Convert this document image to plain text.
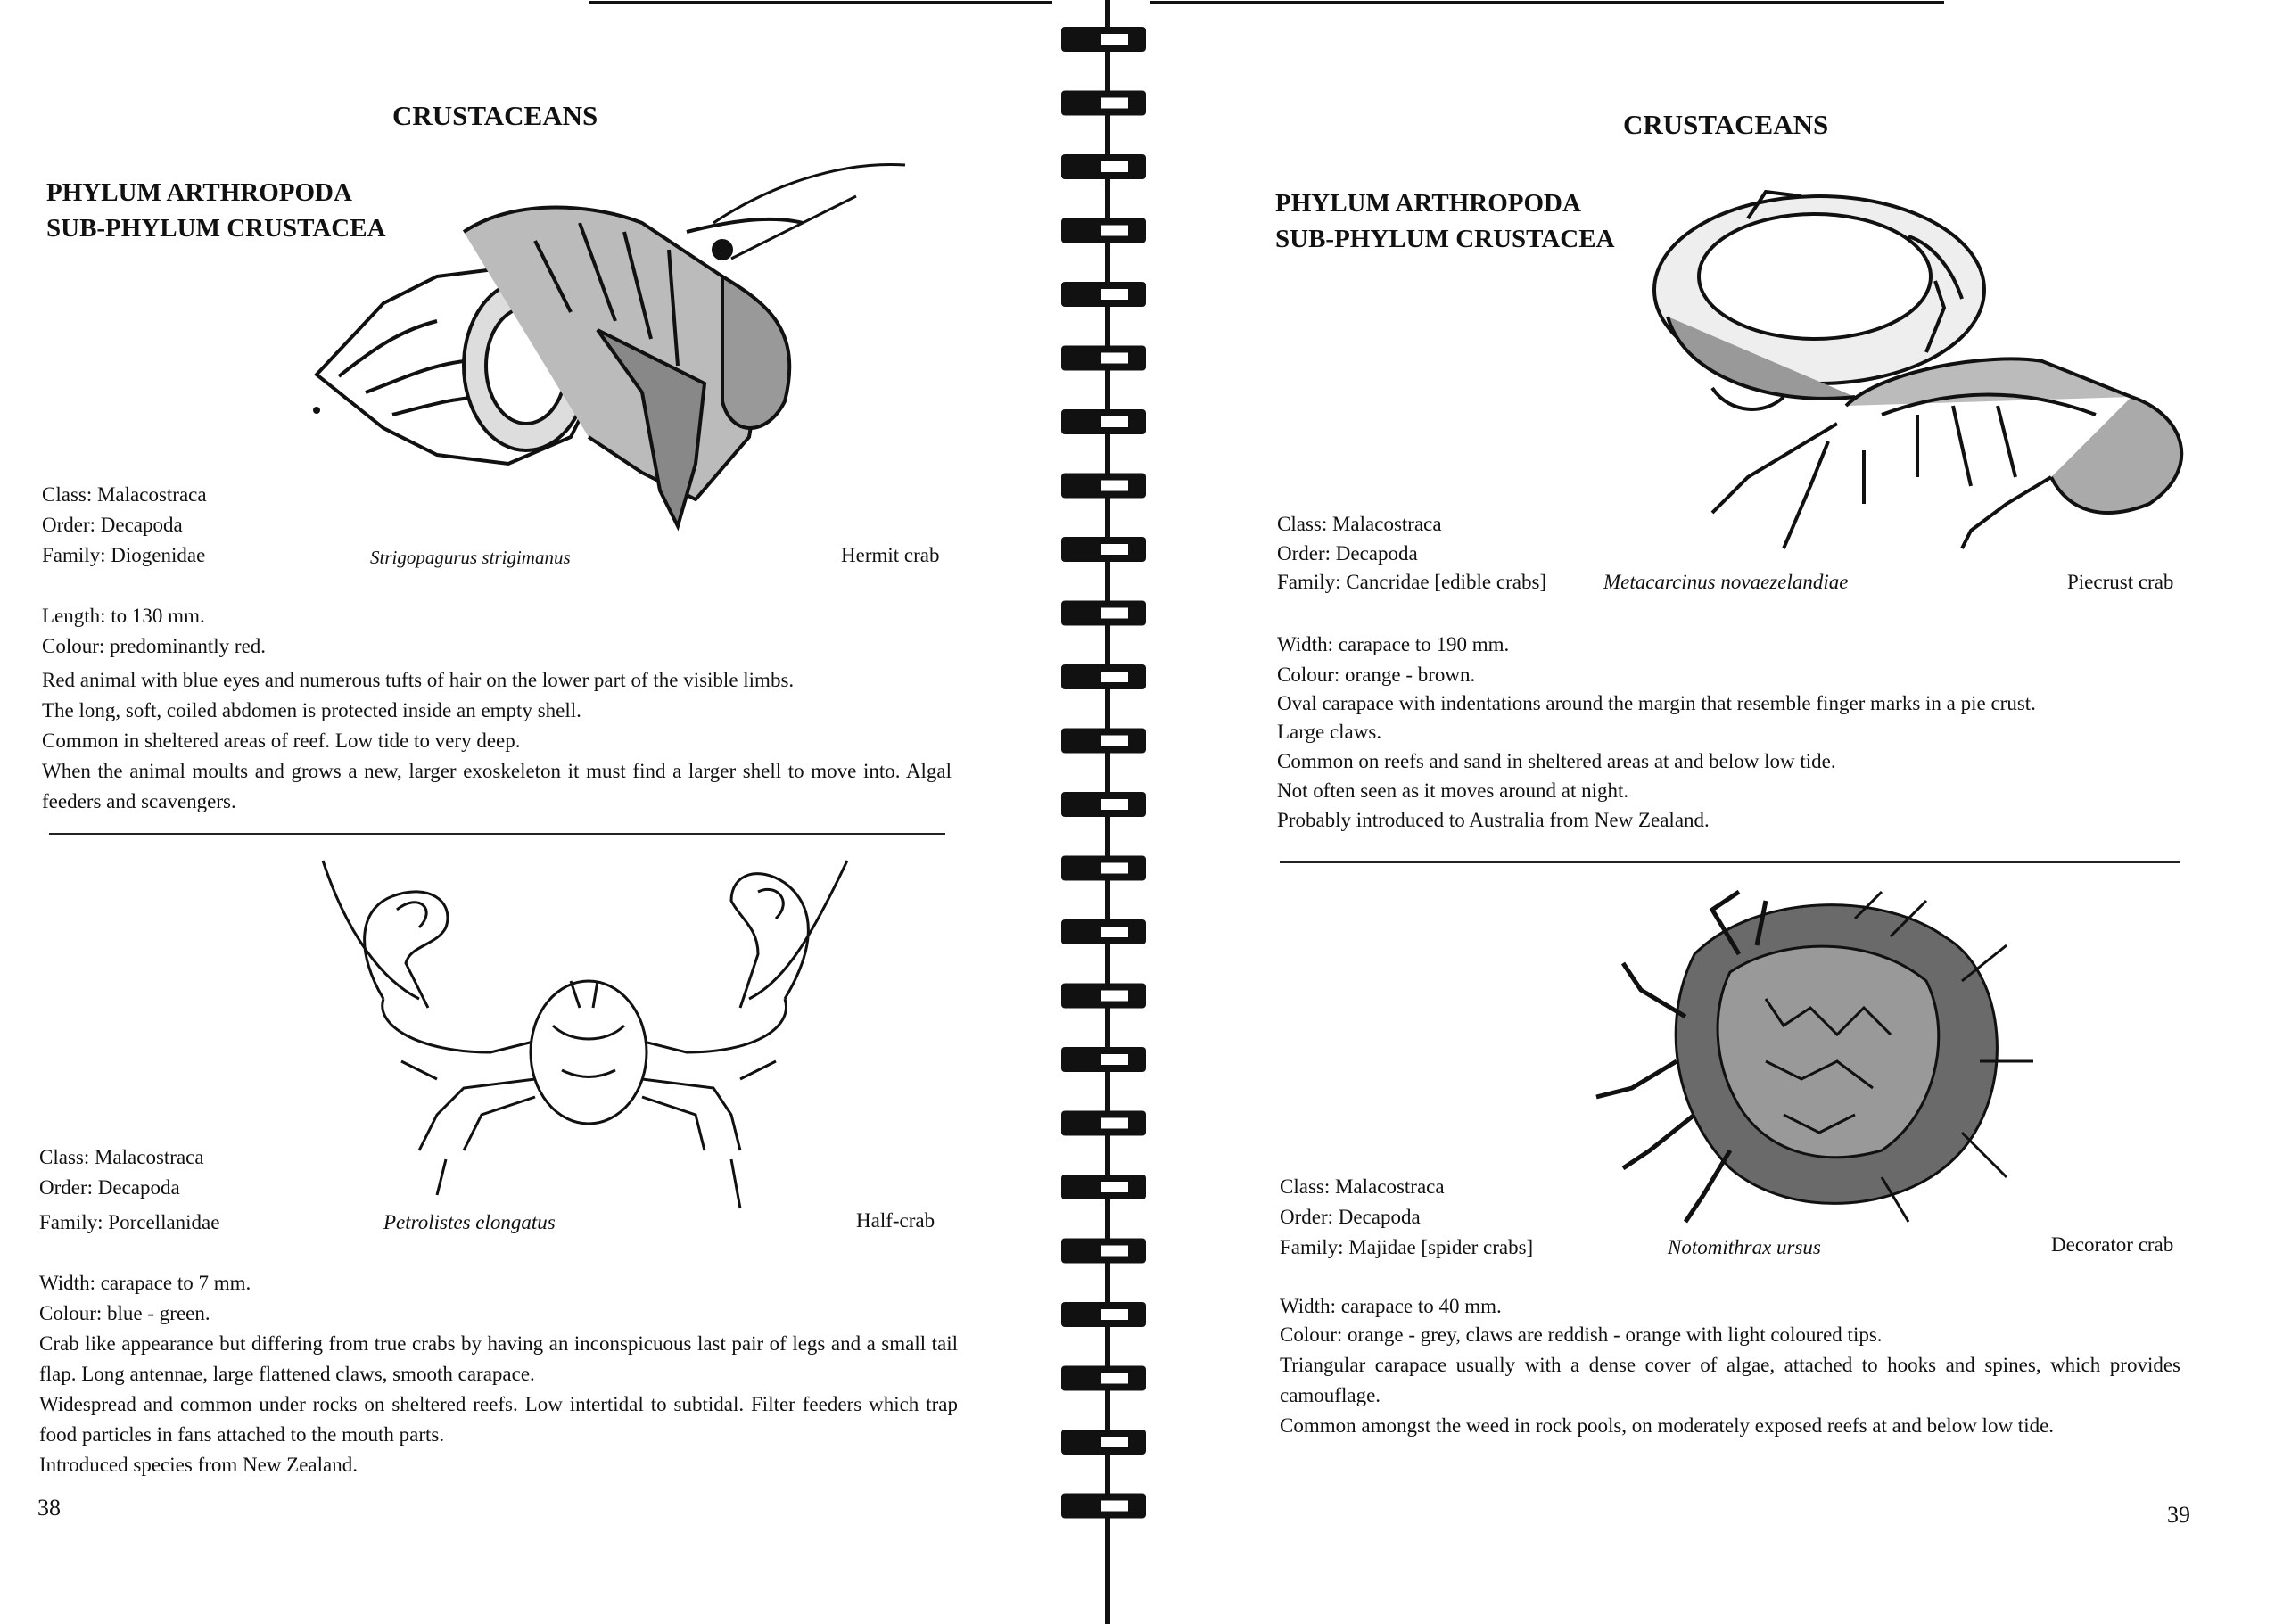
CRUSTACEANS
PHYLUM ARTHROPODA
SUB-PHYLUM CRUSTACEA
Class: Malacostraca
Order: Decapoda
Family: Diogenidae	Strigopagurus strigimanus	Hermit crab
Length: to 130 mm.
Colour: predominantly red.
Red animal with blue eyes and numerous tufts of hair on the lower part of the visible limbs.
The long, soft, coiled abdomen is protected inside an empty shell.
Common in sheltered areas of reef. Low tide to very deep.
When the animal moults and grows a new, larger exoskeleton it must find a larger shell to move into. Algal feeders and scavengers.
Class: Malacostraca
Order: Decapoda
Family: Porcellanidae	Petrolistes elongatus	Half-crab
Width: carapace to 7 mm.
Colour: blue - green.
Crab like appearance but differing from true crabs by having an inconspicuous last pair of legs and a small tail flap. Long antennae, large flattened claws, smooth carapace.
Widespread and common under rocks on sheltered reefs. Low intertidal to subtidal. Filter feeders which trap food particles in fans attached to the mouth parts.
Introduced species from New Zealand.
38
CRUSTACEANS
PHYLUM ARTHROPODA
SUB-PHYLUM CRUSTACEA
Class: Malacostraca
Order: Decapoda
Family: Cancridae [edible crabs]	Metacarcinus novaezelandiae	Piecrust crab
Width: carapace to 190 mm.
Colour: orange - brown.
Oval carapace with indentations around the margin that resemble finger marks in a pie crust.
Large claws.
Common on reefs and sand in sheltered areas at and below low tide.
Not often seen as it moves around at night.
Probably introduced to Australia from New Zealand.
Class: Malacostraca
Order: Decapoda
Family: Majidae [spider crabs]	Notomithrax ursus	Decorator crab
Width: carapace to 40 mm.
Colour: orange - grey, claws are reddish - orange with light coloured tips.
Triangular carapace usually with a dense cover of algae, attached to hooks and spines, which provides camouflage.
Common amongst the weed in rock pools, on moderately exposed reefs at and below low tide.
39
